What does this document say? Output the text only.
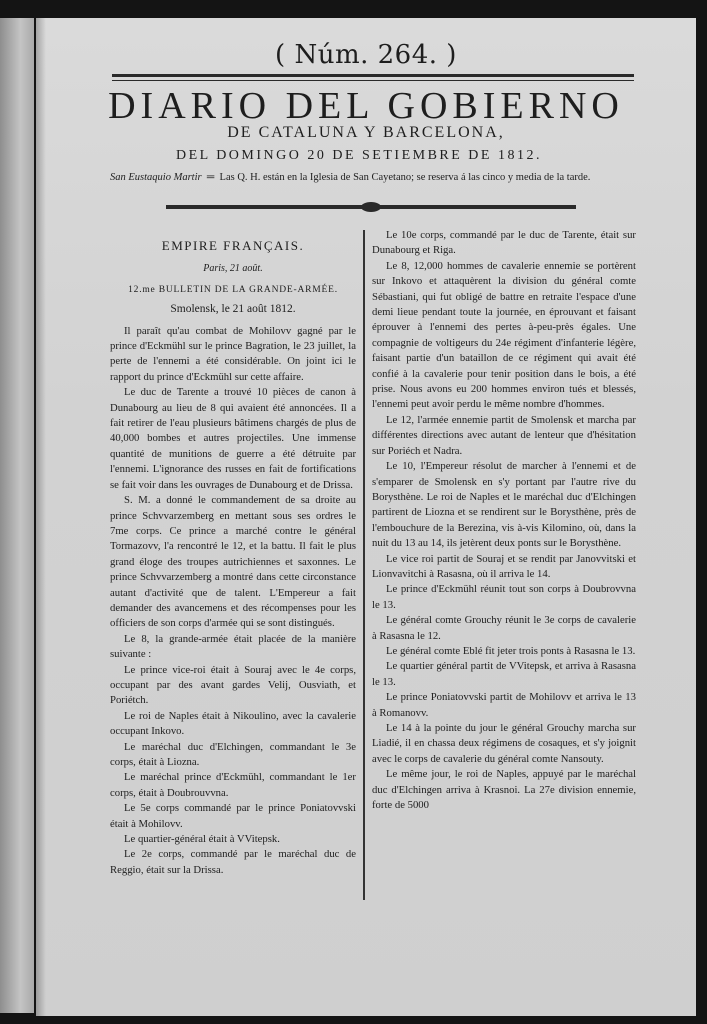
( Núm. 264. )
DIARIO DEL GOBIERNO
DE CATALUNA Y BARCELONA,
DEL DOMINGO 20 DE SETIEMBRE DE 1812.
San Eustaquio Martir  ═  Las Q. H. están en la Iglesia de San Cayetano; se reserva á las cinco y media de la tarde.
EMPIRE FRANÇAIS.
Paris, 21 août.
12.me BULLETIN DE LA GRANDE-ARMÉE.
Smolensk, le 21 août 1812.

Il paraît qu'au combat de Mohilovv gagné par le prince d'Eckmühl sur le prince Bagration, le 23 juillet, la perte de l'ennemi a été considérable. On joint ici le rapport du prince d'Eckmühl sur cette affaire.

Le duc de Tarente a trouvé 10 pièces de canon à Dunabourg au lieu de 8 qui avaient été annoncées. Il a fait retirer de l'eau plusieurs bâtimens chargés de plus de 40,000 bombes et autres projectiles. Une immense quantité de munitions de guerre a été détruite par l'ennemi. L'ignorance des russes en fait de fortifications se fait voir dans les ouvrages de Dunabourg et de Drissa.

S. M. a donné le commandement de sa droite au prince Schvvarzemberg en mettant sous ses ordres le 7me corps. Ce prince a marché contre le général Tormazovv, l'a rencontré le 12, et la battu. Il fait le plus grand éloge des troupes autrichiennes et saxonnes. Le prince Schvvarzemberg a montré dans cette circonstance autant d'activité que de talent. L'Empereur a fait demander des avancemens et des récompenses pour les officiers de son corps d'armée qui se sont distingués.

Le 8, la grande-armée était placée de la manière suivante :

Le prince vice-roi était à Souraj avec le 4e corps, occupant par des avant gardes Velij, Ousviath, et Poriétch.

Le roi de Naples était à Nikoulino, avec la cavalerie occupant Inkovo.

Le maréchal duc d'Elchingen, commandant le 3e corps, était à Liozna.

Le maréchal prince d'Eckmühl, commandant le 1er corps, était à Doubrouvvna.

Le 5e corps commandé par le prince Poniatovvski était à Mohilovv.

Le quartier-général était à VVitepsk.

Le 2e corps, commandé par le maréchal duc de Reggio, était sur la Drissa.

Le 10e corps, commandé par le duc de Tarente, était sur Dunabourg et Riga.

Le 8, 12,000 hommes de cavalerie ennemie se portèrent sur Inkovo et attaquèrent la division du général comte Sébastiani, qui fut obligé de battre en retraite l'espace d'une demi lieue pendant toute la journée, en éprouvant et faisant éprouver à l'ennemi des pertes à-peu-près égales. Une compagnie de voltigeurs du 24e régiment d'infanterie légère, faisant partie d'un bataillon de ce régiment qui avait été confié à la cavalerie pour tenir position dans le bois, a été prise. Nous avons eu 200 hommes environ tués et blessés, l'ennemi peut avoir perdu le même nombre d'hommes.

Le 12, l'armée ennemie partit de Smolensk et marcha par différentes directions avec autant de lenteur que d'hésitation sur Poriéch et Nadra.

Le 10, l'Empereur résolut de marcher à l'ennemi et de s'emparer de Smolensk en s'y portant par l'autre rive du Borysthène. Le roi de Naples et le maréchal duc d'Elchingen partirent de Liozna et se rendirent sur le Borysthène, près de l'embouchure de la Berezina, vis à-vis Kilomino, où, dans la nuit du 13 au 14, ils jetèrent deux ponts sur le Borysthène.

Le vice roi partit de Souraj et se rendit par Janovvitski et Lionvavitchi à Rasasna, où il arriva le 14.

Le prince d'Eckmühl réunit tout son corps à Doubrovvna le 13.

Le général comte Grouchy réunit le 3e corps de cavalerie à Rasasna le 12.

Le général comte Eblé fit jeter trois ponts à Rasasna le 13.

Le quartier général partit de VVitepsk, et arriva à Rasasna le 13.

Le prince Poniatovvski partit de Mohilovv et arriva le 13 à Romanovv.

Le 14 à la pointe du jour le général Grouchy marcha sur Liadié, il en chassa deux régimens de cosaques, et s'y joignit avec le corps de cavalerie du général comte Nansouty.

Le même jour, le roi de Naples, appuyé par le maréchal duc d'Elchingen arriva à Krasnoi. La 27e division ennemie, forte de 5000
